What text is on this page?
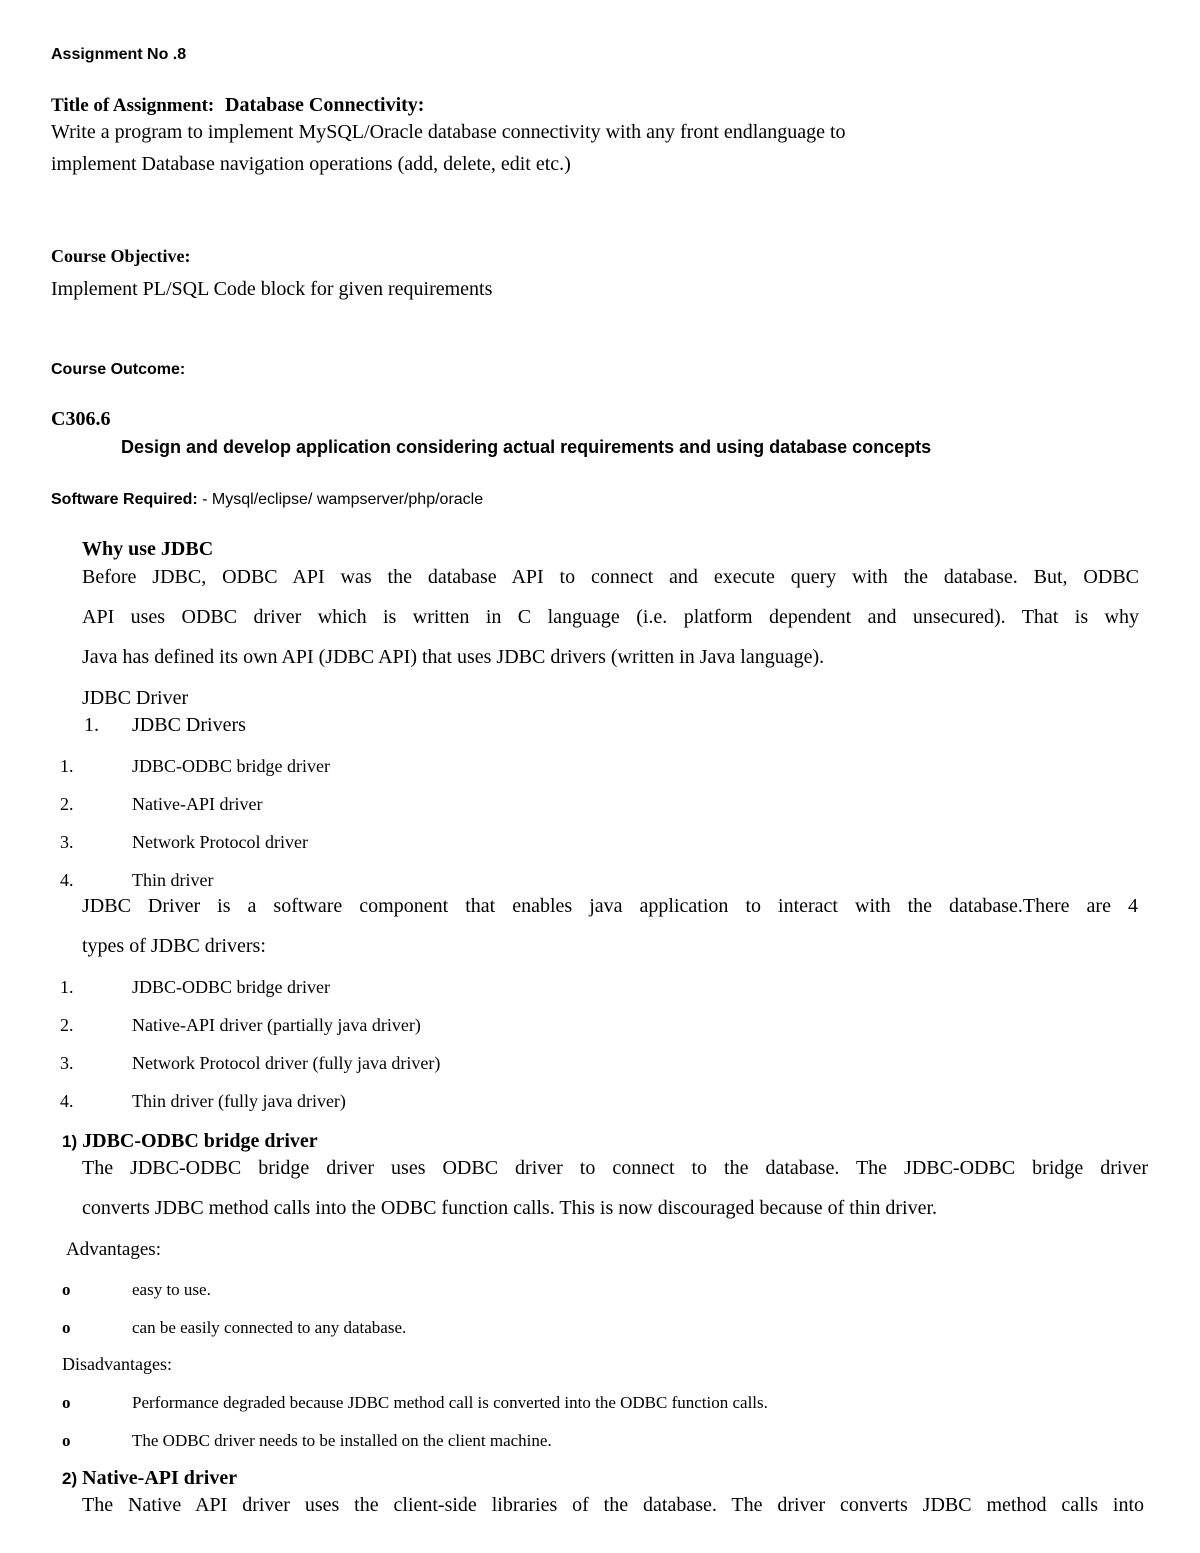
Assignment No .8
Title of Assignment: Database Connectivity:
Write a program to implement MySQL/Oracle database connectivity with any front endlanguage to
implement Database navigation operations (add, delete, edit etc.)
Course Objective:
Implement PL/SQL Code block for given requirements
Course Outcome:
C306.6
Design and develop application considering actual requirements and using database concepts
Software Required: - Mysql/eclipse/ wampserver/php/oracle
Why use JDBC
Before JDBC, ODBC API was the database API to connect and execute query with the database. But, ODBC
API uses ODBC driver which is written in C language (i.e. platform dependent and unsecured). That is why
Java has defined its own API (JDBC API) that uses JDBC drivers (written in Java language).
JDBC Driver
1. JDBC Drivers
1.	JDBC-ODBC bridge driver
2.	Native-API driver
3.	Network Protocol driver
4.	Thin driver
JDBC Driver is a software component that enables java application to interact with the database.There are 4
types of JDBC drivers:
1.	JDBC-ODBC bridge driver
2.	Native-API driver (partially java driver)
3.	Network Protocol driver (fully java driver)
4.	Thin driver (fully java driver)
1) JDBC-ODBC bridge driver
The JDBC-ODBC bridge driver uses ODBC driver to connect to the database. The JDBC-ODBC bridge driver
converts JDBC method calls into the ODBC function calls. This is now discouraged because of thin driver.
Advantages:
o	easy to use.
o	can be easily connected to any database.
Disadvantages:
o	Performance degraded because JDBC method call is converted into the ODBC function calls.
o	The ODBC driver needs to be installed on the client machine.
2) Native-API driver
The Native API driver uses the client-side libraries of the database. The driver converts JDBC method calls into
